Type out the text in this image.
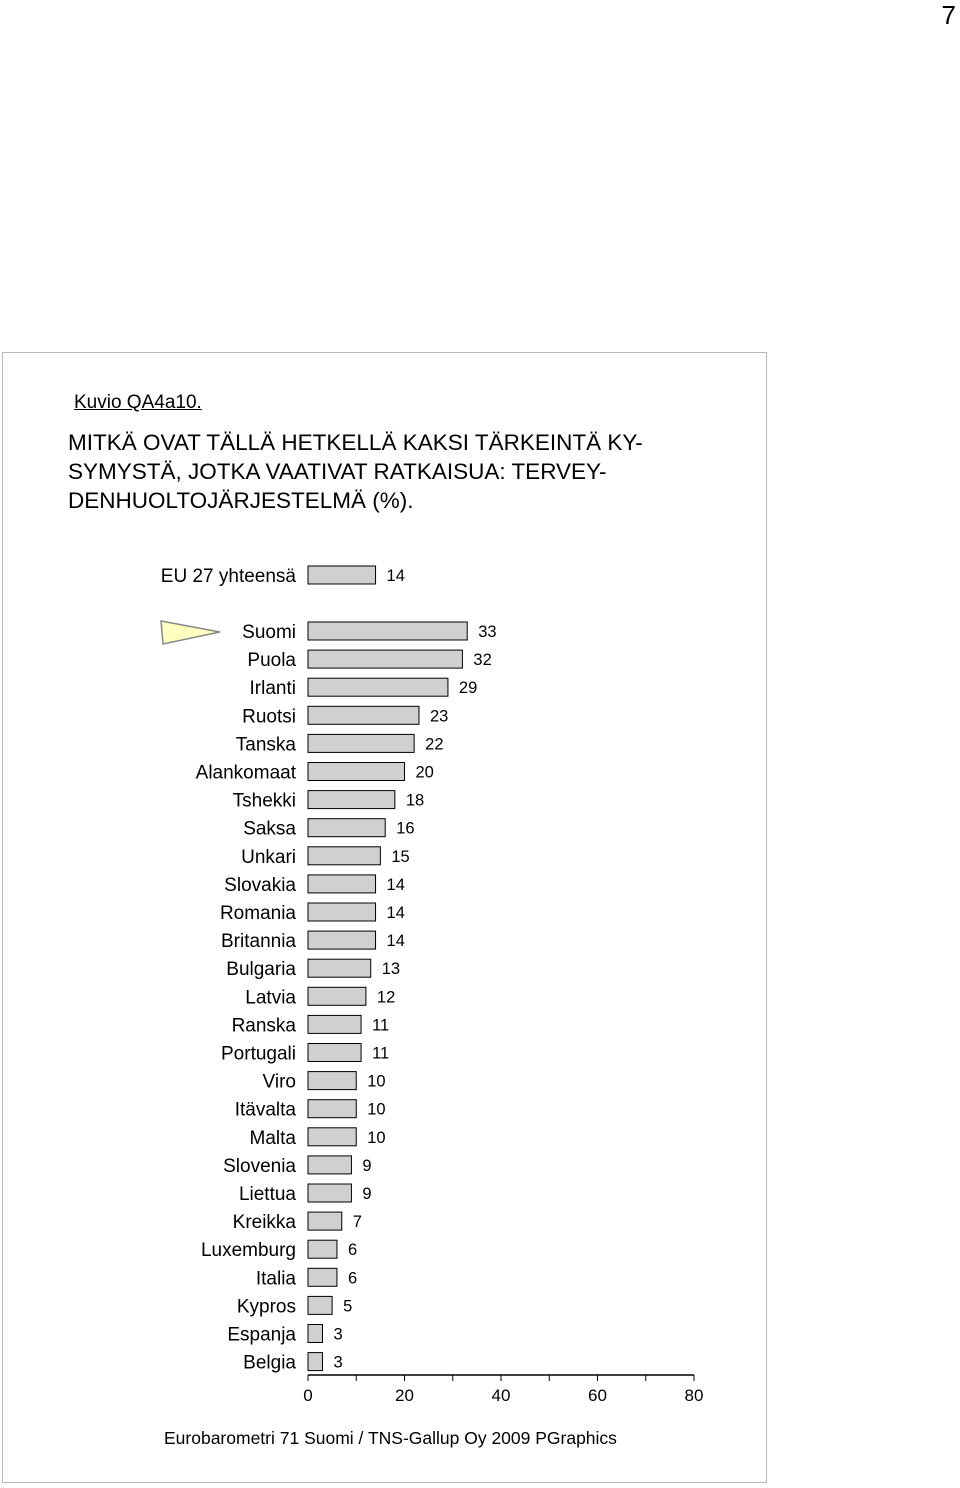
7
Kuvio QA4a10.
MITKÄ OVAT TÄLLÄ HETKELLÄ KAKSI TÄRKEINTÄ KY-
SYMYSTÄ, JOTKA VAATIVAT RATKAISUA: TERVEY-
DENHUOLTOJÄRJESTELMÄ (%).
EU 27 yhteensä	14
Suomi	33
Puola	32
Irlanti	29
Ruotsi	23
Tanska	22
Alankomaat	20
Tshekki	18
Saksa	16
Unkari	15
Slovakia	14
Romania	14
Britannia	14
Bulgaria	13
Latvia	12
Ranska	11
Portugali	11
Viro	10
Itävalta	10
Malta	10
Slovenia	9
Liettua	9
Kreikka	7
Luxemburg	6
Italia	6
Kypros	5
Espanja 3
Belgia 3
0	20	40	60	80
Eurobarometri 71 Suomi / TNS-Gallup Oy 2009 PGraphics
